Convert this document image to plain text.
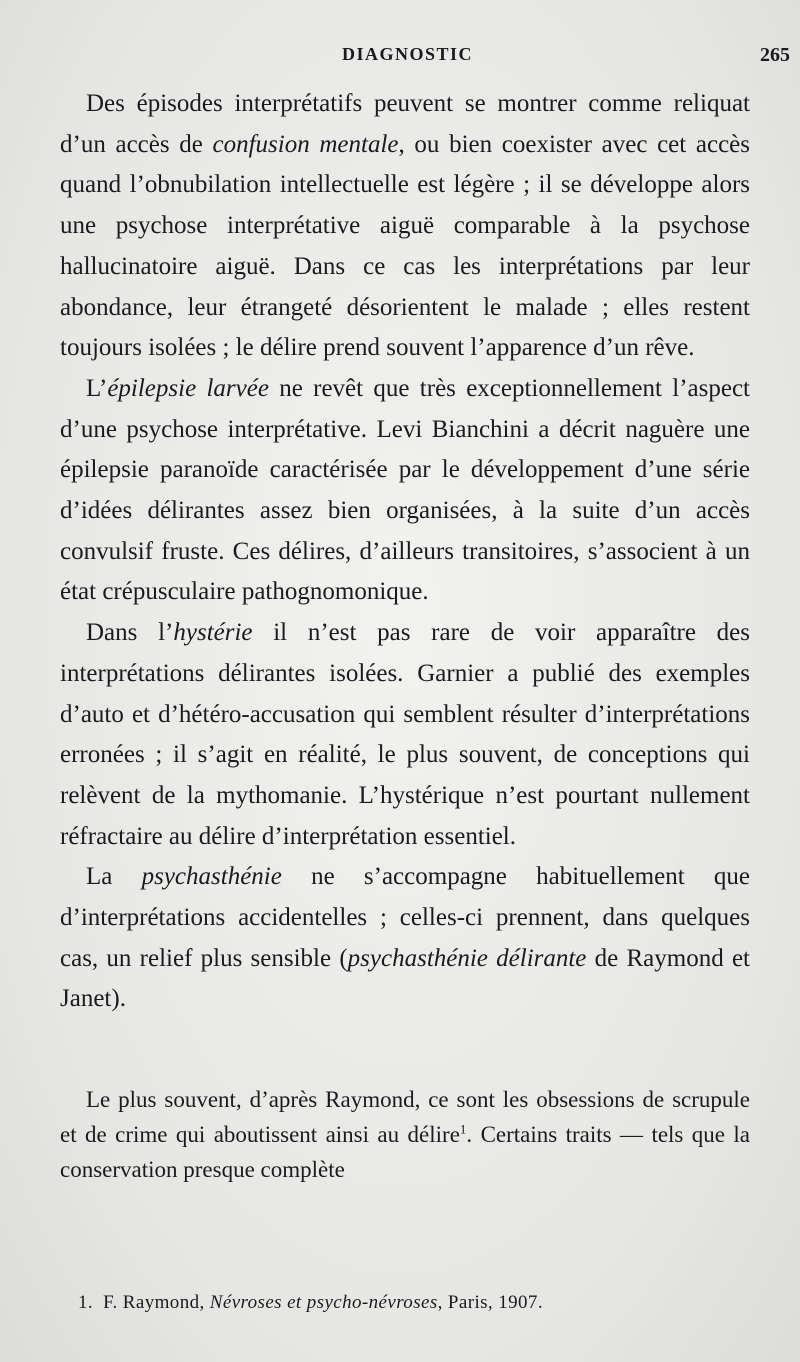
DIAGNOSTIC	265

Des épisodes interprétatifs peuvent se montrer comme reliquat d’un accès de confusion mentale, ou bien coexister avec cet accès quand l’obnubilation intellectuelle est légère ; il se développe alors une psychose interprétative aiguë comparable à la psychose hallucinatoire aiguë. Dans ce cas les interprétations par leur abondance, leur étrangeté désorientent le malade ; elles restent toujours isolées ; le délire prend souvent l’apparence d’un rêve.

L’épilepsie larvée ne revêt que très exceptionnellement l’aspect d’une psychose interprétative. Levi Bianchini a décrit naguère une épilepsie paranoïde caractérisée par le développement d’une série d’idées délirantes assez bien organisées, à la suite d’un accès convulsif fruste. Ces délires, d’ailleurs transitoires, s’associent à un état crépusculaire pathognomonique.

Dans l’hystérie il n’est pas rare de voir apparaître des interprétations délirantes isolées. Garnier a publié des exemples d’auto et d’hétéro-accusation qui semblent résulter d’interprétations erronées ; il s’agit en réalité, le plus souvent, de conceptions qui relèvent de la mythomanie. L’hystérique n’est pourtant nullement réfractaire au délire d’interprétation essentiel.

La psychasthénie ne s’accompagne habituellement que d’interprétations accidentelles ; celles-ci prennent, dans quelques cas, un relief plus sensible (psychasthénie délirante de Raymond et Janet).

Le plus souvent, d’après Raymond, ce sont les obsessions de scrupule et de crime qui aboutissent ainsi au délire$^1$. Certains traits — tels que la conservation presque complète

1. F. Raymond, Névroses et psycho-névroses, Paris, 1907.
